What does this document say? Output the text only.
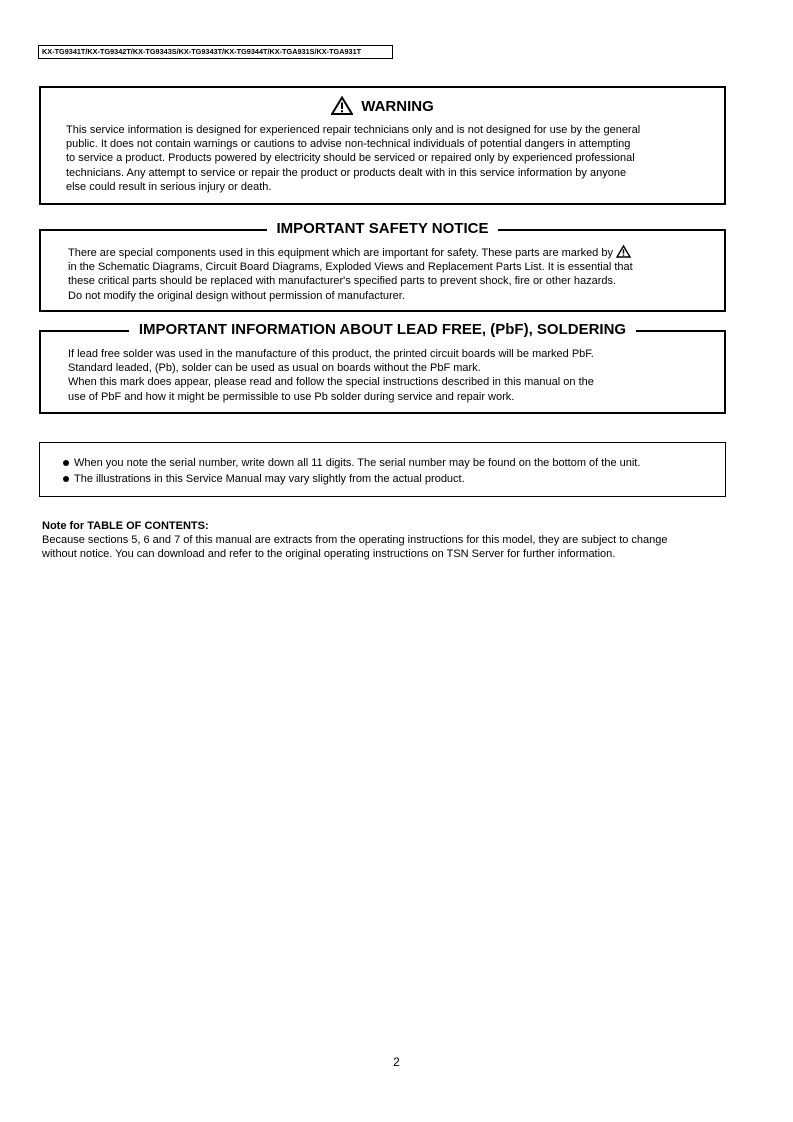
KX-TG9341T/KX-TG9342T/KX-TG9343S/KX-TG9343T/KX-TG9344T/KX-TGA931S/KX-TGA931T
WARNING
This service information is designed for experienced repair technicians only and is not designed for use by the general
public. It does not contain warnings or cautions to advise non-technical individuals of potential dangers in attempting
to service a product. Products powered by electricity should be serviced or repaired only by experienced professional
technicians. Any attempt to service or repair the product or products dealt with in this service information by anyone
else could result in serious injury or death.
IMPORTANT SAFETY NOTICE
There are special components used in this equipment which are important for safety. These parts are marked by
in the Schematic Diagrams, Circuit Board Diagrams, Exploded Views and Replacement Parts List. It is essential that
these critical parts should be replaced with manufacturer's specified parts to prevent shock, fire or other hazards.
Do not modify the original design without permission of manufacturer.
IMPORTANT INFORMATION ABOUT LEAD FREE, (PbF), SOLDERING
If lead free solder was used in the manufacture of this product, the printed circuit boards will be marked PbF.
Standard leaded, (Pb), solder can be used as usual on boards without the PbF mark.
When this mark does appear, please read and follow the special instructions described in this manual on the
use of PbF and how it might be permissible to use Pb solder during service and repair work.
When you note the serial number, write down all 11 digits. The serial number may be found on the bottom of the unit.
The illustrations in this Service Manual may vary slightly from the actual product.
Note for TABLE OF CONTENTS:
Because sections 5, 6 and 7 of this manual are extracts from the operating instructions for this model, they are subject to change
without notice. You can download and refer to the original operating instructions on TSN Server for further information.
2
